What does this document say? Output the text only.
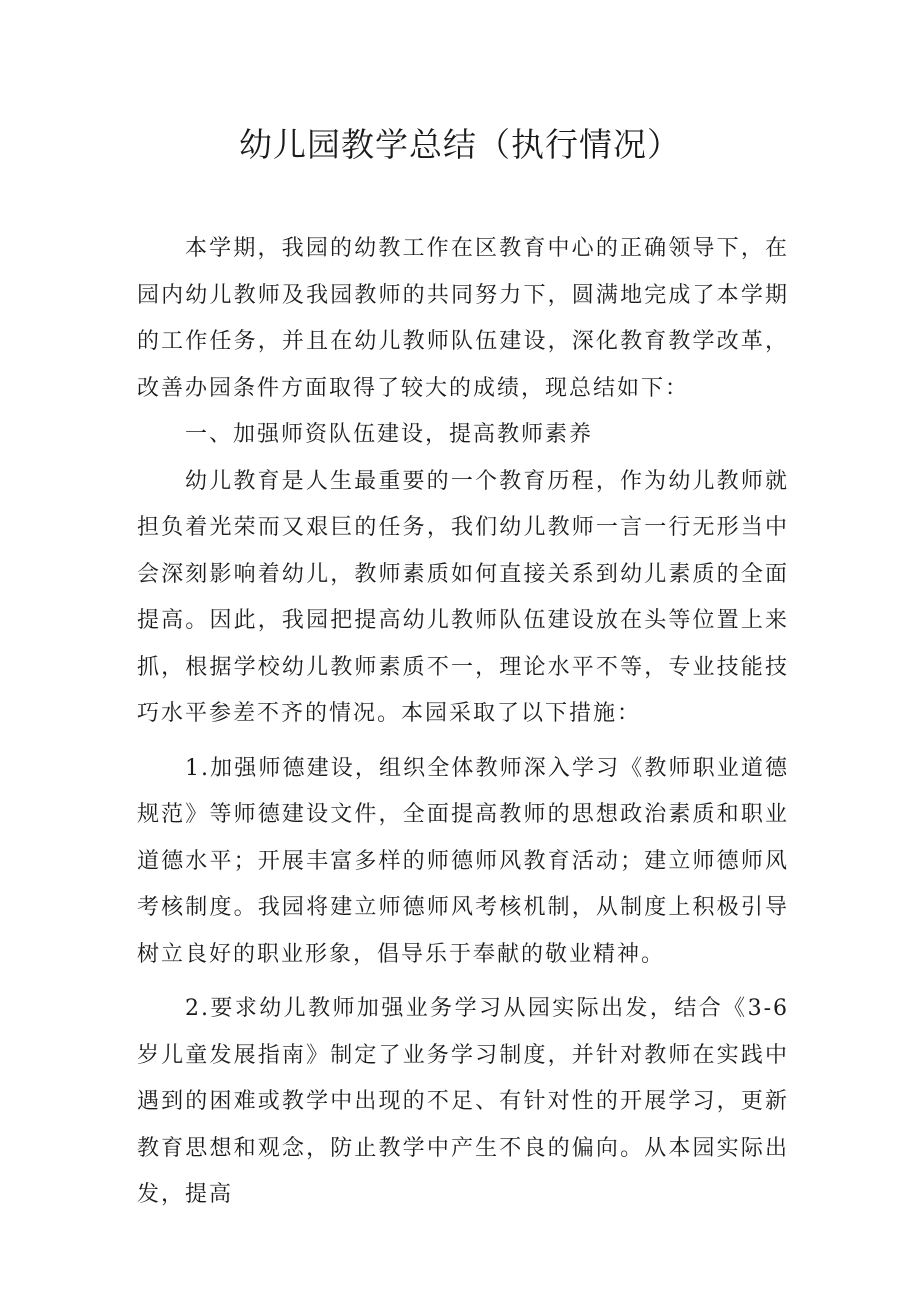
幼儿园教学总结（执行情况）

本学期，我园的幼教工作在区教育中心的正确领导下，在园内幼儿教师及我园教师的共同努力下，圆满地完成了本学期的工作任务，并且在幼儿教师队伍建设，深化教育教学改革，改善办园条件方面取得了较大的成绩，现总结如下：

一、加强师资队伍建设，提高教师素养

幼儿教育是人生最重要的一个教育历程，作为幼儿教师就担负着光荣而又艰巨的任务，我们幼儿教师一言一行无形当中会深刻影响着幼儿，教师素质如何直接关系到幼儿素质的全面提高。因此，我园把提高幼儿教师队伍建设放在头等位置上来抓，根据学校幼儿教师素质不一，理论水平不等，专业技能技巧水平参差不齐的情况。本园采取了以下措施：

1.加强师德建设，组织全体教师深入学习《教师职业道德规范》等师德建设文件，全面提高教师的思想政治素质和职业道德水平；开展丰富多样的师德师风教育活动；建立师德师风考核制度。我园将建立师德师风考核机制，从制度上积极引导树立良好的职业形象，倡导乐于奉献的敬业精神。

2.要求幼儿教师加强业务学习从园实际出发，结合《3-6岁儿童发展指南》制定了业务学习制度，并针对教师在实践中遇到的困难或教学中出现的不足、有针对性的开展学习，更新教育思想和观念，防止教学中产生不良的偏向。从本园实际出发，提高
